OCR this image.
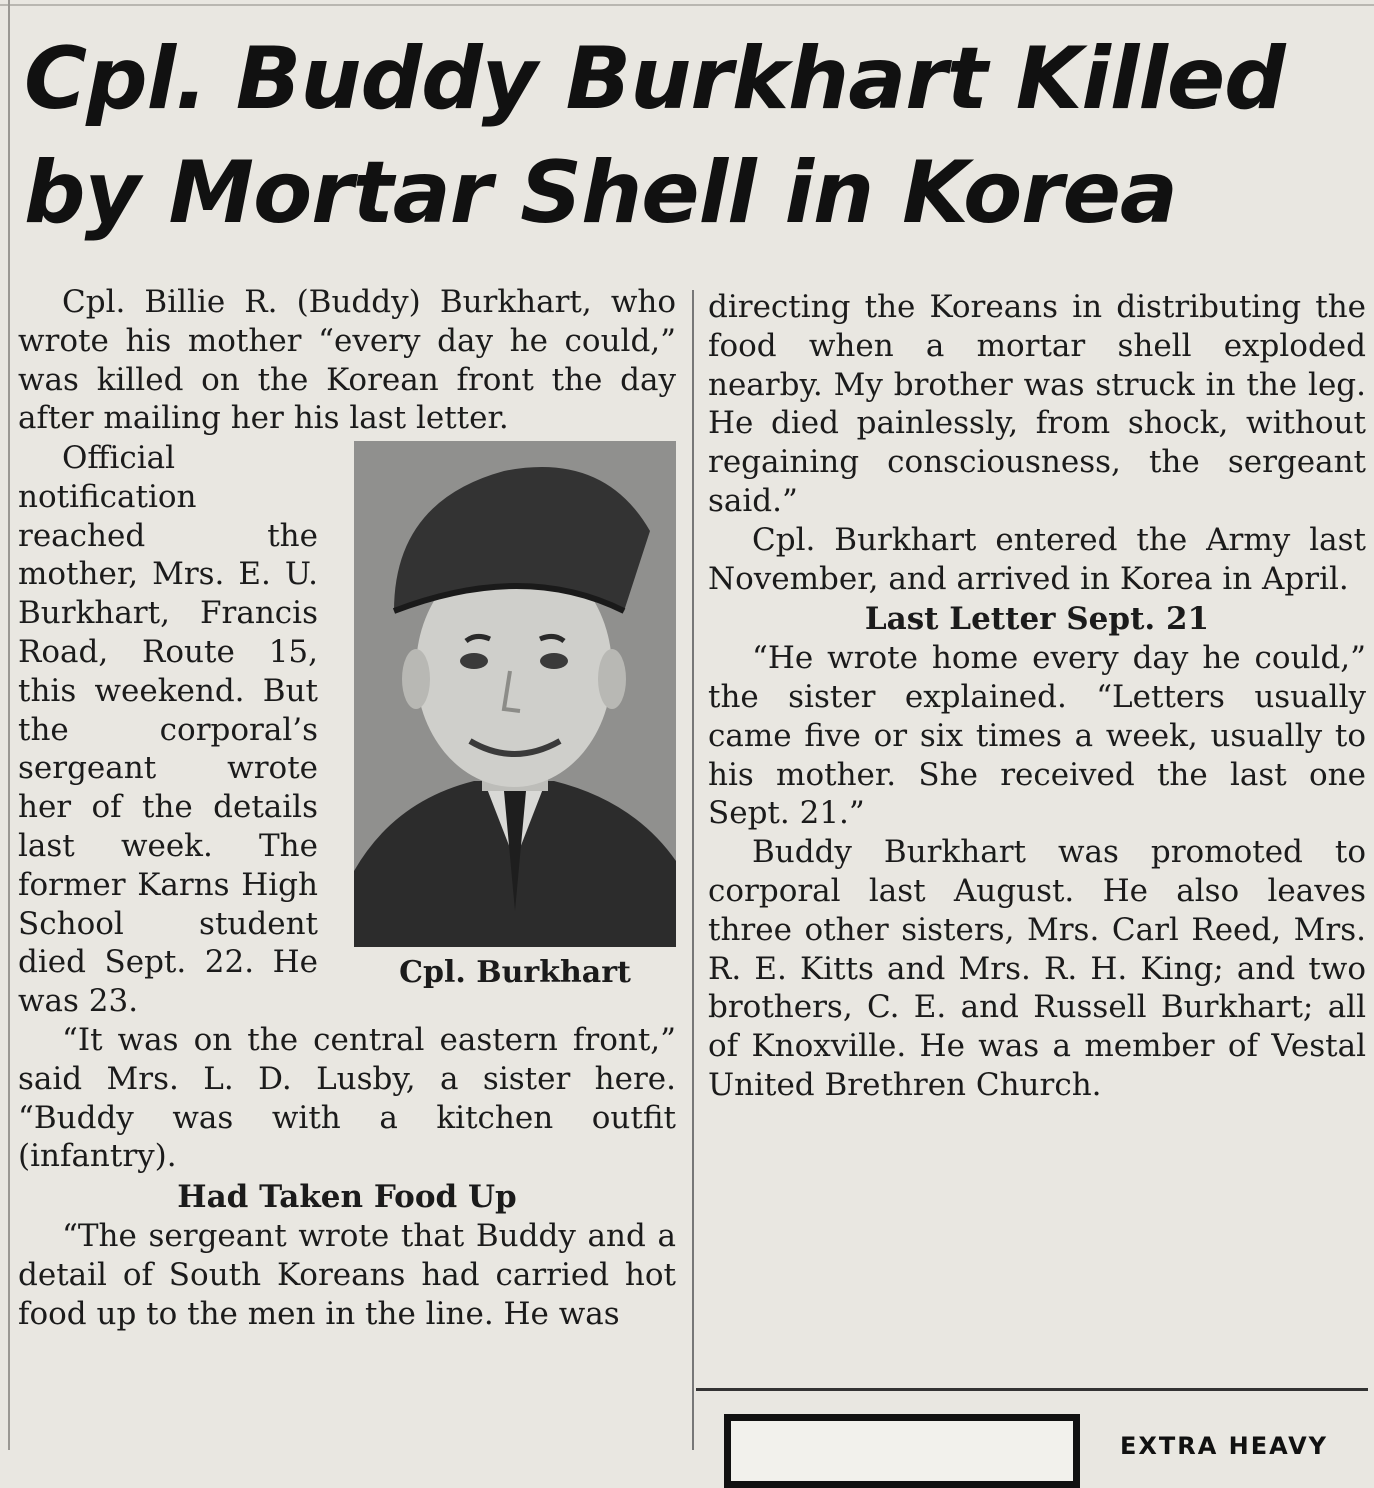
Cpl. Buddy Burkhart Killed
by Mortar Shell in Korea

Cpl. Billie R. (Buddy) Burkhart, who wrote his mother “every day he could,” was killed on the Korean front the day after mailing her his last letter.

Cpl. Burkhart

Official notification reached the mother, Mrs. E. U. Burkhart, Francis Road, Route 15, this weekend. But the corporal’s sergeant wrote her of the details last week. The former Karns High School student died Sept. 22. He was 23.

“It was on the central eastern front,” said Mrs. L. D. Lusby, a sister here. “Buddy was with a kitchen outfit (infantry).

Had Taken Food Up

“The sergeant wrote that Buddy and a detail of South Koreans had carried hot food up to the men in the line. He was

directing the Koreans in distributing the food when a mortar shell exploded nearby. My brother was struck in the leg. He died painlessly, from shock, without regaining consciousness, the sergeant said.”

Cpl. Burkhart entered the Army last November, and arrived in Korea in April.

Last Letter Sept. 21

“He wrote home every day he could,” the sister explained. “Letters usually came five or six times a week, usually to his mother. She received the last one Sept. 21.”

Buddy Burkhart was promoted to corporal last August. He also leaves three other sisters, Mrs. Carl Reed, Mrs. R. E. Kitts and Mrs. R. H. King; and two brothers, C. E. and Russell Burkhart; all of Knoxville. He was a member of Vestal United Brethren Church.

EXTRA HEAVY
